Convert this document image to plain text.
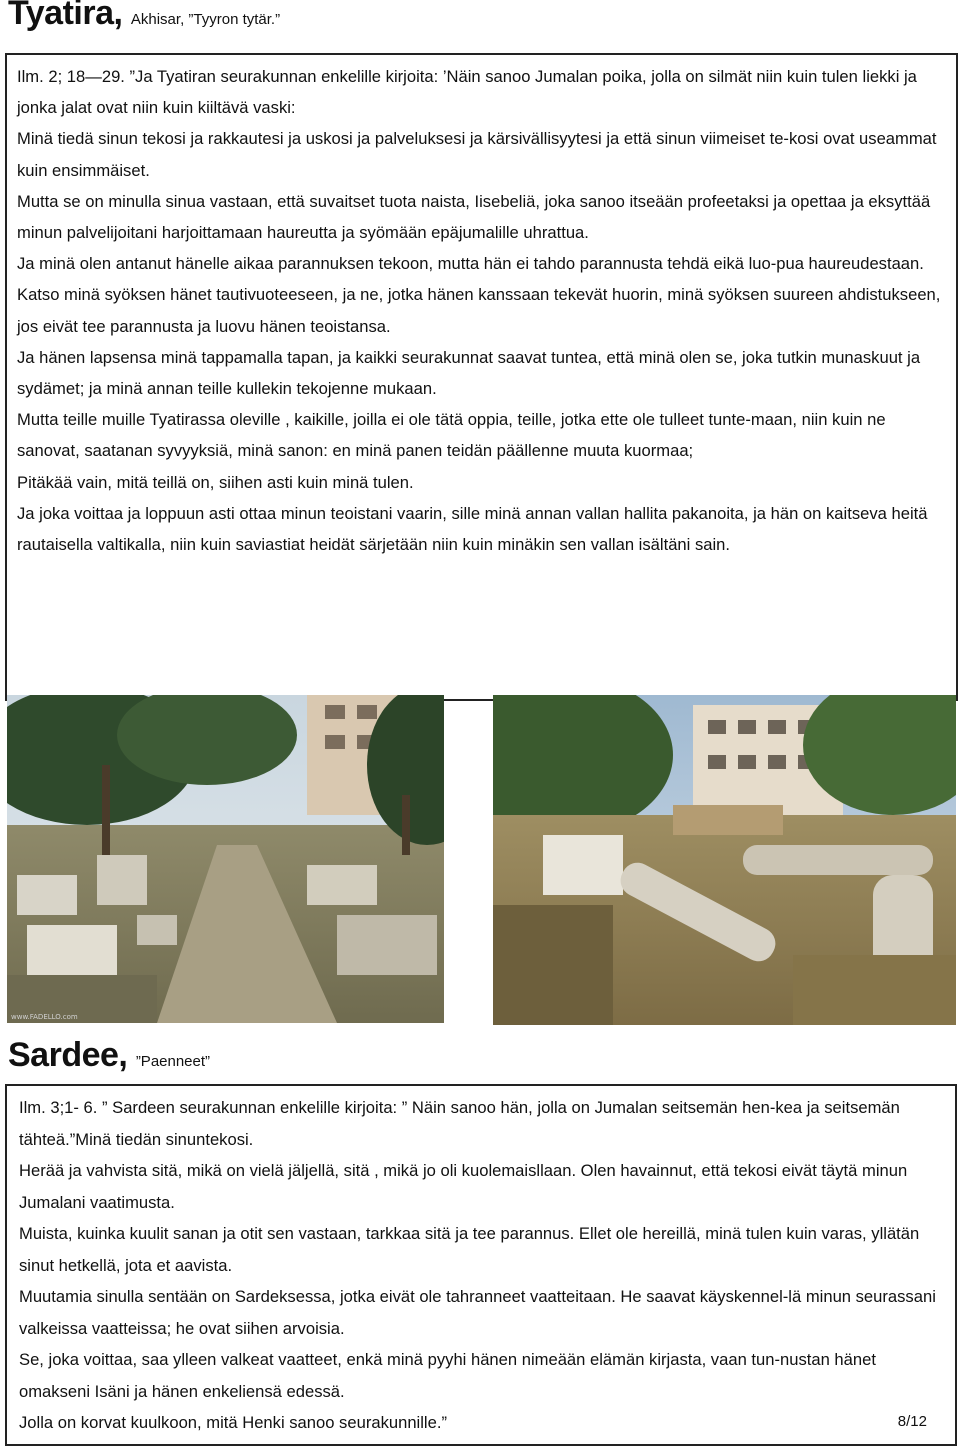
Tyatira, Akhisar, ”Tyyron tytär.”

Ilm. 2; 18—29. ”Ja Tyatiran seurakunnan enkelille kirjoita: ’Näin sanoo Jumalan poika, jolla on silmät niin kuin tulen liekki ja jonka jalat ovat niin kuin kiiltävä vaski:

Minä tiedä sinun tekosi ja rakkautesi ja uskosi ja palveluksesi ja kärsivällisyytesi ja että sinun viimeiset te-kosi ovat useammat kuin ensimmäiset.

Mutta se on minulla sinua vastaan, että suvaitset tuota naista, Iisebeliä, joka sanoo itseään profeetaksi ja opettaa ja eksyttää minun palvelijoitani harjoittamaan haureutta ja syömään epäjumalille uhrattua.

Ja minä olen antanut hänelle aikaa parannuksen tekoon, mutta hän ei tahdo parannusta tehdä eikä luo-pua haureudestaan.

Katso minä syöksen hänet tautivuoteeseen, ja ne, jotka hänen kanssaan tekevät huorin, minä syöksen suureen ahdistukseen, jos eivät tee parannusta ja luovu hänen teoistansa.

Ja hänen lapsensa minä tappamalla tapan, ja kaikki seurakunnat saavat tuntea, että minä olen se, joka tutkin munaskuut ja sydämet; ja minä annan teille kullekin tekojenne mukaan.

Mutta teille muille Tyatirassa oleville , kaikille, joilla ei ole tätä oppia, teille, jotka ette ole tulleet tunte-maan, niin kuin ne sanovat, saatanan syvyyksiä, minä sanon: en minä panen teidän päällenne muuta kuormaa;

Pitäkää vain, mitä teillä on, siihen asti kuin minä tulen.

Ja joka voittaa ja loppuun asti ottaa minun teoistani vaarin, sille minä annan vallan hallita pakanoita, ja hän on kaitseva heitä rautaisella valtikalla, niin kuin saviastiat heidät särjetään niin kuin minäkin sen vallan isältäni sain.

www.FADELLO.com
Sardee, ”Paenneet”

Ilm. 3;1- 6. ” Sardeen seurakunnan enkelille kirjoita: ” Näin sanoo hän, jolla on Jumalan seitsemän hen-kea ja seitsemän tähteä.”Minä tiedän sinuntekosi.

Herää ja vahvista sitä, mikä on vielä jäljellä, sitä , mikä jo oli kuolemaisllaan. Olen havainnut, että tekosi eivät täytä minun Jumalani vaatimusta.

Muista, kuinka kuulit sanan ja otit sen vastaan, tarkkaa sitä ja tee parannus. Ellet ole hereillä, minä tulen kuin varas, yllätän sinut hetkellä, jota et aavista.

Muutamia sinulla sentään on Sardeksessa, jotka eivät ole tahranneet vaatteitaan. He saavat käyskennel-lä minun seurassani valkeissa vaatteissa; he ovat siihen arvoisia.

Se, joka voittaa, saa ylleen valkeat vaatteet, enkä minä pyyhi hänen nimeään elämän kirjasta, vaan tun-nustan hänet omakseni Isäni ja hänen enkeliensä edessä.

Jolla on korvat kuulkoon, mitä Henki sanoo seurakunnille.”	8/12
